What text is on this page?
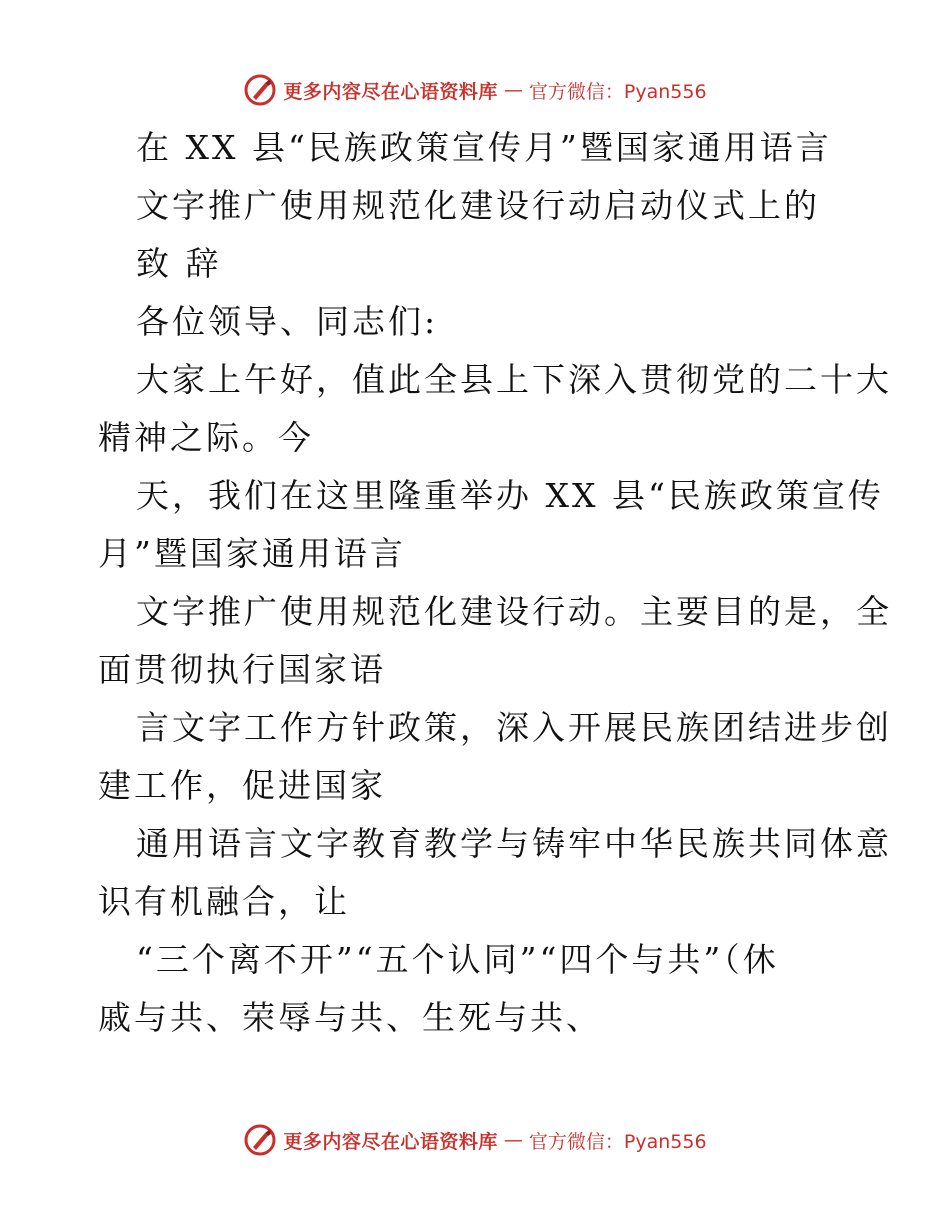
更多内容尽在心语资料库 — 官方微信：Pyan556
在 XX 县“民族政策宣传月”暨国家通用语言
文字推广使用规范化建设行动启动仪式上的
致 辞
各位领导、同志们:
大家上午好，值此全县上下深入贯彻党的二十大
精神之际。今
天，我们在这里隆重举办 XX 县“民族政策宣传
月”暨国家通用语言
文字推广使用规范化建设行动。主要目的是，全
面贯彻执行国家语
言文字工作方针政策，深入开展民族团结进步创
建工作，促进国家
通用语言文字教育教学与铸牢中华民族共同体意
识有机融合，让
“三个离不开”“五个认同”“四个与共”（休
戚与共、荣辱与共、生死与共、
更多内容尽在心语资料库 — 官方微信：Pyan556
